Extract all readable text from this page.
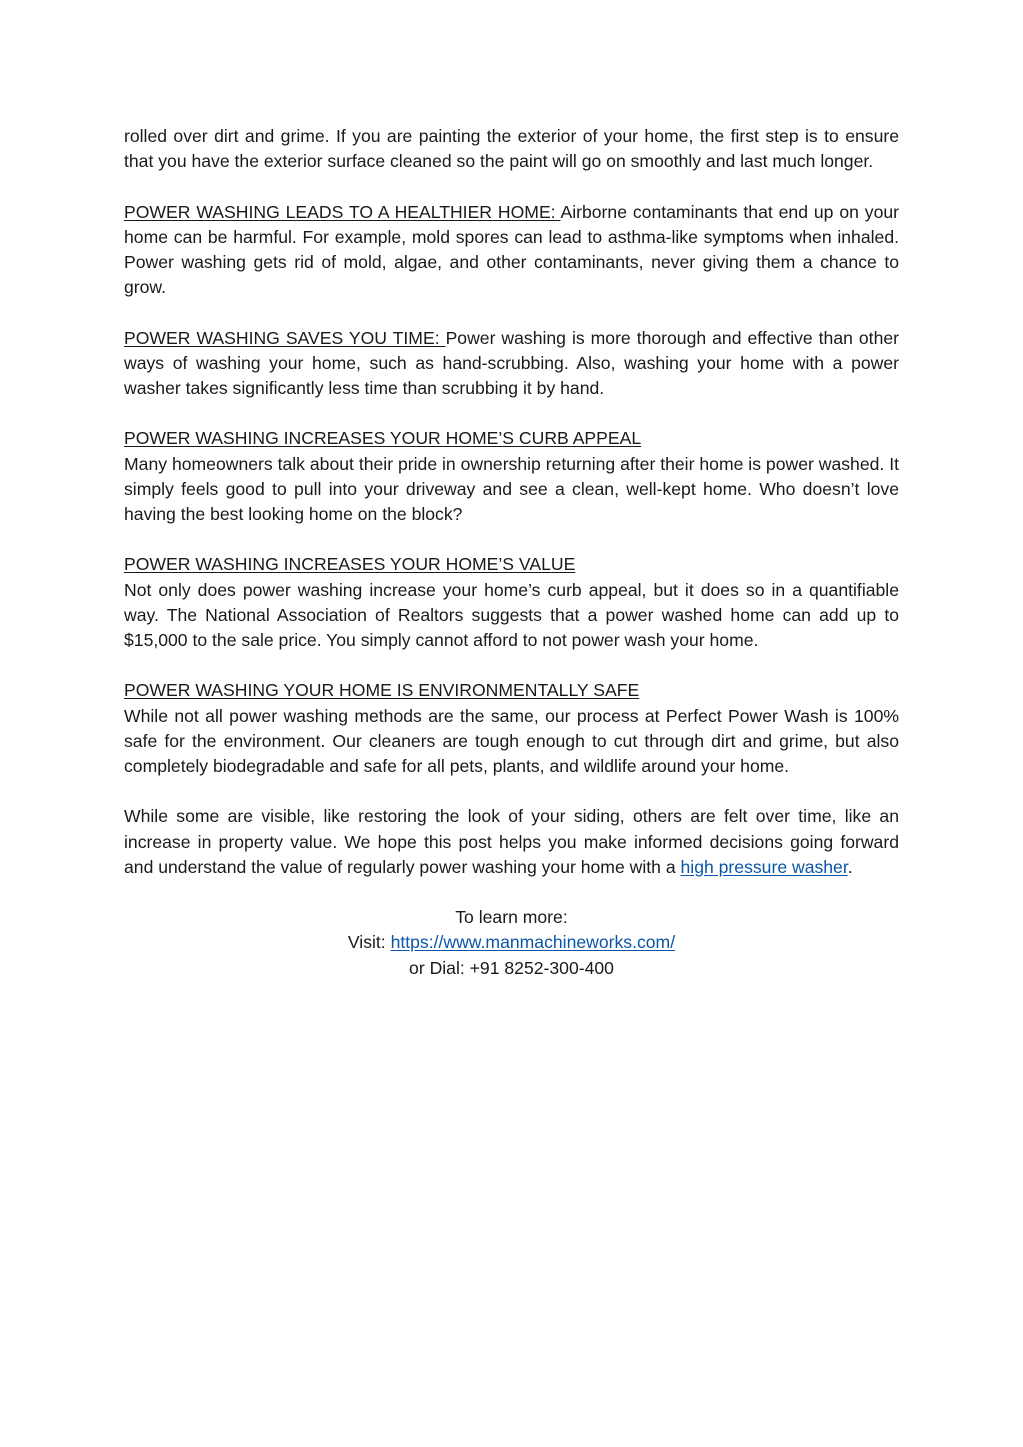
rolled over dirt and grime. If you are painting the exterior of your home, the first step is to ensure that you have the exterior surface cleaned so the paint will go on smoothly and last much longer.

POWER WASHING LEADS TO A HEALTHIER HOME: Airborne contaminants that end up on your home can be harmful. For example, mold spores can lead to asthma-like symptoms when inhaled. Power washing gets rid of mold, algae, and other contaminants, never giving them a chance to grow.

POWER WASHING SAVES YOU TIME: Power washing is more thorough and effective than other ways of washing your home, such as hand-scrubbing. Also, washing your home with a power washer takes significantly less time than scrubbing it by hand.

POWER WASHING INCREASES YOUR HOME’S CURB APPEAL
Many homeowners talk about their pride in ownership returning after their home is power washed. It simply feels good to pull into your driveway and see a clean, well-kept home. Who doesn’t love having the best looking home on the block?

POWER WASHING INCREASES YOUR HOME’S VALUE
Not only does power washing increase your home’s curb appeal, but it does so in a quantifiable way. The National Association of Realtors suggests that a power washed home can add up to $15,000 to the sale price. You simply cannot afford to not power wash your home.

POWER WASHING YOUR HOME IS ENVIRONMENTALLY SAFE
While not all power washing methods are the same, our process at Perfect Power Wash is 100% safe for the environment. Our cleaners are tough enough to cut through dirt and grime, but also completely biodegradable and safe for all pets, plants, and wildlife around your home.

While some are visible, like restoring the look of your siding, others are felt over time, like an increase in property value. We hope this post helps you make informed decisions going forward and understand the value of regularly power washing your home with a high pressure washer.

To learn more:
Visit: https://www.manmachineworks.com/
or Dial: +91 8252-300-400
